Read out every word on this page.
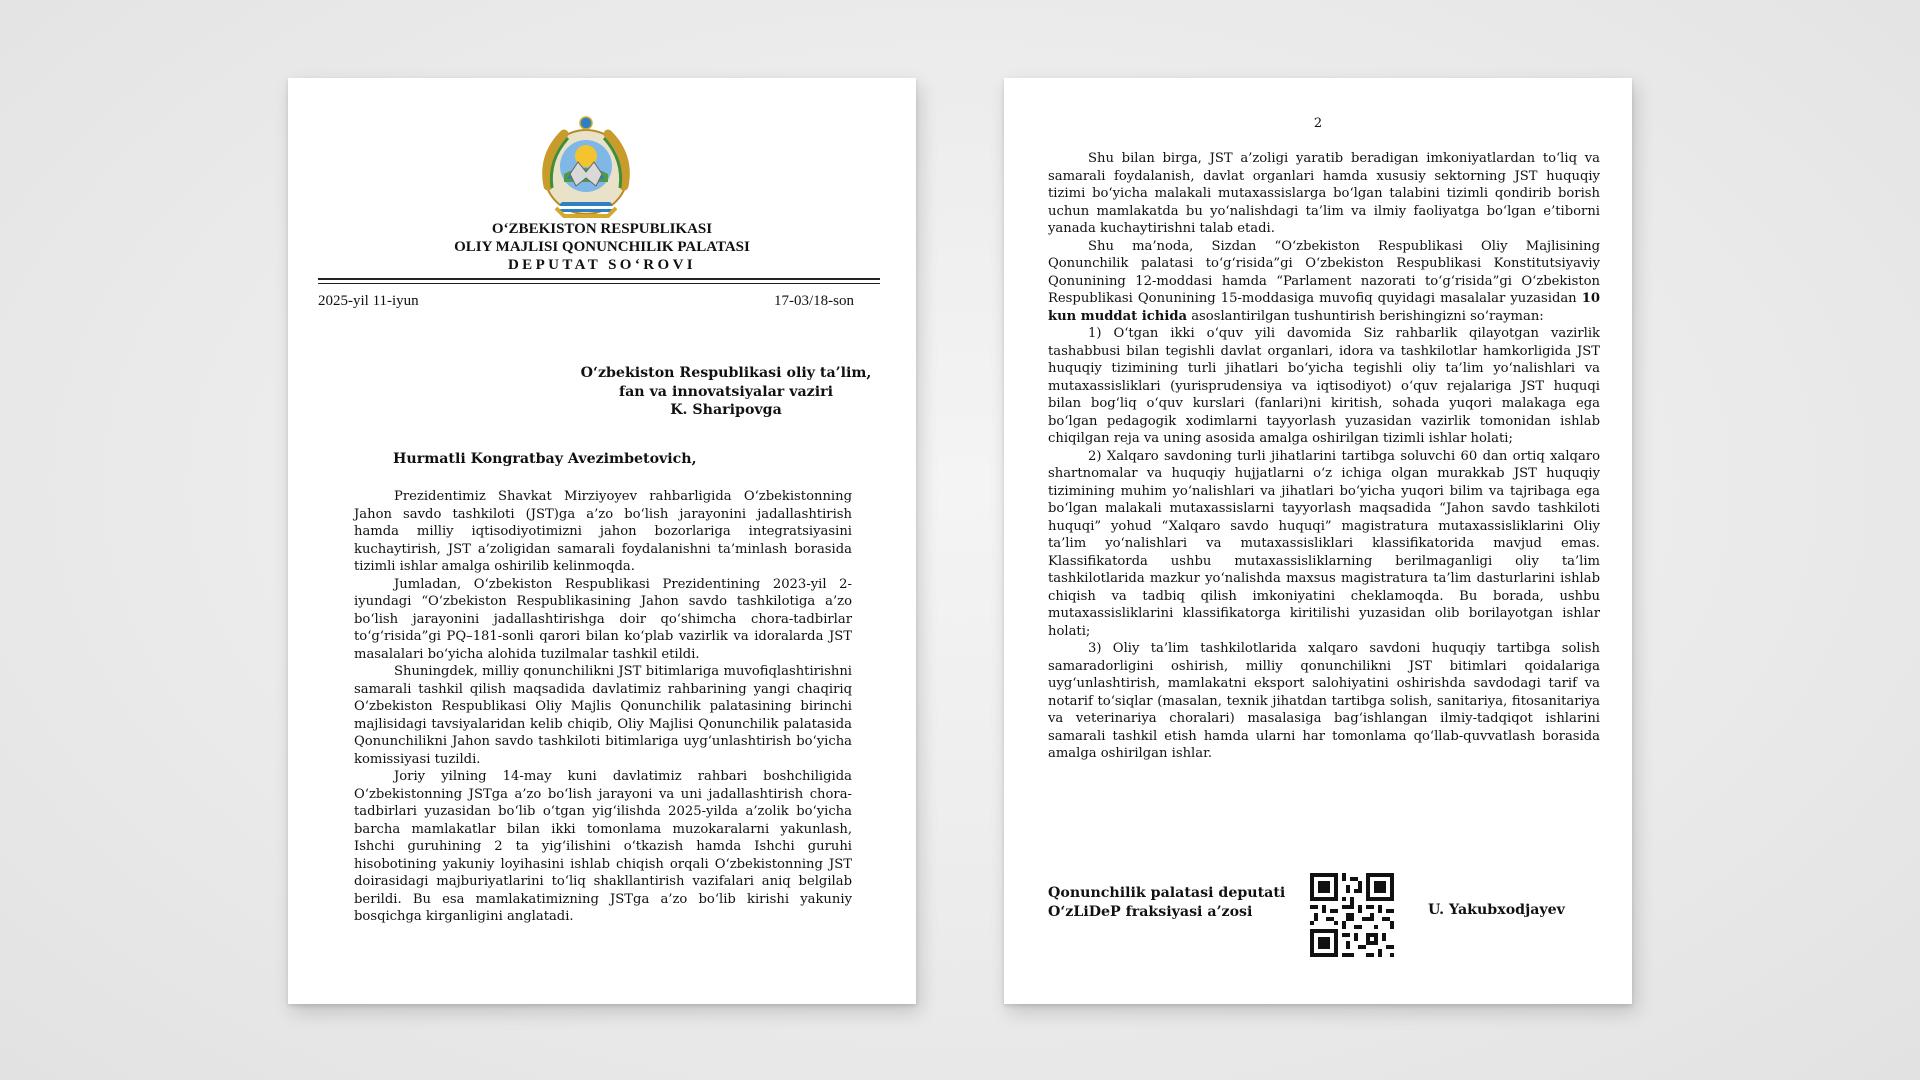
O‘ZBEKISTON RESPUBLIKASI
OLIY MAJLISI QONUNCHILIK PALATASI
DEPUTAT SO‘ROVI
2025-yil 11-iyun	17-03/18-son
O‘zbekiston Respublikasi oliy ta’lim,
fan va innovatsiyalar vaziri
K. Sharipovga
Hurmatli Kongratbay Avezimbetovich,

Prezidentimiz Shavkat Mirziyoyev rahbarligida O‘zbekistonning Jahon savdo tashkiloti (JST)ga a’zo bo‘lish jarayonini jadallashtirish hamda milliy iqtisodiyotimizni jahon bozorlariga integratsiyasini kuchaytirish, JST a’zoligidan samarali foydalanishni ta’minlash borasida tizimli ishlar amalga oshirilib kelinmoqda.

Jumladan, O‘zbekiston Respublikasi Prezidentining 2023-yil 2-iyundagi “O‘zbekiston Respublikasining Jahon savdo tashkilotiga a’zo bo‘lish jarayonini jadallashtirishga doir qo‘shimcha chora-tadbirlar to‘g‘risida”gi PQ–181-sonli qarori bilan ko‘plab vazirlik va idoralarda JST masalalari bo‘yicha alohida tuzilmalar tashkil etildi.

Shuningdek, milliy qonunchilikni JST bitimlariga muvofiqlashtirishni samarali tashkil qilish maqsadida davlatimiz rahbarining yangi chaqiriq O‘zbekiston Respublikasi Oliy Majlis Qonunchilik palatasining birinchi majlisidagi tavsiyalaridan kelib chiqib, Oliy Majlisi Qonunchilik palatasida Qonunchilikni Jahon savdo tashkiloti bitimlariga uyg‘unlashtirish bo‘yicha komissiyasi tuzildi.

Joriy yilning 14-may kuni davlatimiz rahbari boshchiligida O‘zbekistonning JSTga a’zo bo‘lish jarayoni va uni jadallashtirish chora-tadbirlari yuzasidan bo‘lib o‘tgan yig‘ilishda 2025-yilda a’zolik bo‘yicha barcha mamlakatlar bilan ikki tomonlama muzokaralarni yakunlash, Ishchi guruhining 2 ta yig‘ilishini o‘tkazish hamda Ishchi guruhi hisobotining yakuniy loyihasini ishlab chiqish orqali O‘zbekistonning JST doirasidagi majburiyatlarini to‘liq shakllantirish vazifalari aniq belgilab berildi. Bu esa mamlakatimizning JSTga a’zo bo‘lib kirishi yakuniy bosqichga kirganligini anglatadi.

2

Shu bilan birga, JST a’zoligi yaratib beradigan imkoniyatlardan to‘liq va samarali foydalanish, davlat organlari hamda xususiy sektorning JST huquqiy tizimi bo‘yicha malakali mutaxassislarga bo‘lgan talabini tizimli qondirib borish uchun mamlakatda bu yo‘nalishdagi ta’lim va ilmiy faoliyatga bo‘lgan e’tiborni yanada kuchaytirishni talab etadi.

Shu ma’noda, Sizdan “O‘zbekiston Respublikasi Oliy Majlisining Qonunchilik palatasi to‘g‘risida”gi O‘zbekiston Respublikasi Konstitutsiyaviy Qonunining 12-moddasi hamda “Parlament nazorati to‘g‘risida”gi O‘zbekiston Respublikasi Qonunining 15-moddasiga muvofiq quyidagi masalalar yuzasidan 10 kun muddat ichida asoslantirilgan tushuntirish berishingizni so‘rayman:

1) O‘tgan ikki o‘quv yili davomida Siz rahbarlik qilayotgan vazirlik tashabbusi bilan tegishli davlat organlari, idora va tashkilotlar hamkorligida JST huquqiy tizimining turli jihatlari bo‘yicha tegishli oliy ta’lim yo‘nalishlari va mutaxassisliklari (yurisprudensiya va iqtisodiyot) o‘quv rejalariga JST huquqi bilan bog‘liq o‘quv kurslari (fanlari)ni kiritish, sohada yuqori malakaga ega bo‘lgan pedagogik xodimlarni tayyorlash yuzasidan vazirlik tomonidan ishlab chiqilgan reja va uning asosida amalga oshirilgan tizimli ishlar holati;

2) Xalqaro savdoning turli jihatlarini tartibga soluvchi 60 dan ortiq xalqaro shartnomalar va huquqiy hujjatlarni o‘z ichiga olgan murakkab JST huquqiy tizimining muhim yo‘nalishlari va jihatlari bo‘yicha yuqori bilim va tajribaga ega bo‘lgan malakali mutaxassislarni tayyorlash maqsadida “Jahon savdo tashkiloti huquqi” yohud “Xalqaro savdo huquqi” magistratura mutaxassisliklarini Oliy ta’lim yo‘nalishlari va mutaxassisliklari klassifikatorida mavjud emas. Klassifikatorda ushbu mutaxassisliklarning berilmaganligi oliy ta’lim tashkilotlarida mazkur yo‘nalishda maxsus magistratura ta’lim dasturlarini ishlab chiqish va tadbiq qilish imkoniyatini cheklamoqda. Bu borada, ushbu mutaxassisliklarini klassifikatorga kiritilishi yuzasidan olib borilayotgan ishlar holati;

3) Oliy ta’lim tashkilotlarida xalqaro savdoni huquqiy tartibga solish samaradorligini oshirish, milliy qonunchilikni JST bitimlari qoidalariga uyg‘unlashtirish, mamlakatni eksport salohiyatini oshirishda savdodagi tarif va notarif to‘siqlar (masalan, texnik jihatdan tartibga solish, sanitariya, fitosanitariya va veterinariya choralari) masalasiga bag‘ishlangan ilmiy-tadqiqot ishlarini samarali tashkil etish hamda ularni har tomonlama qo‘llab-quvvatlash borasida amalga oshirilgan ishlar.

Qonunchilik palatasi deputati
O‘zLiDeP fraksiyasi a’zosi	U. Yakubxodjayev
